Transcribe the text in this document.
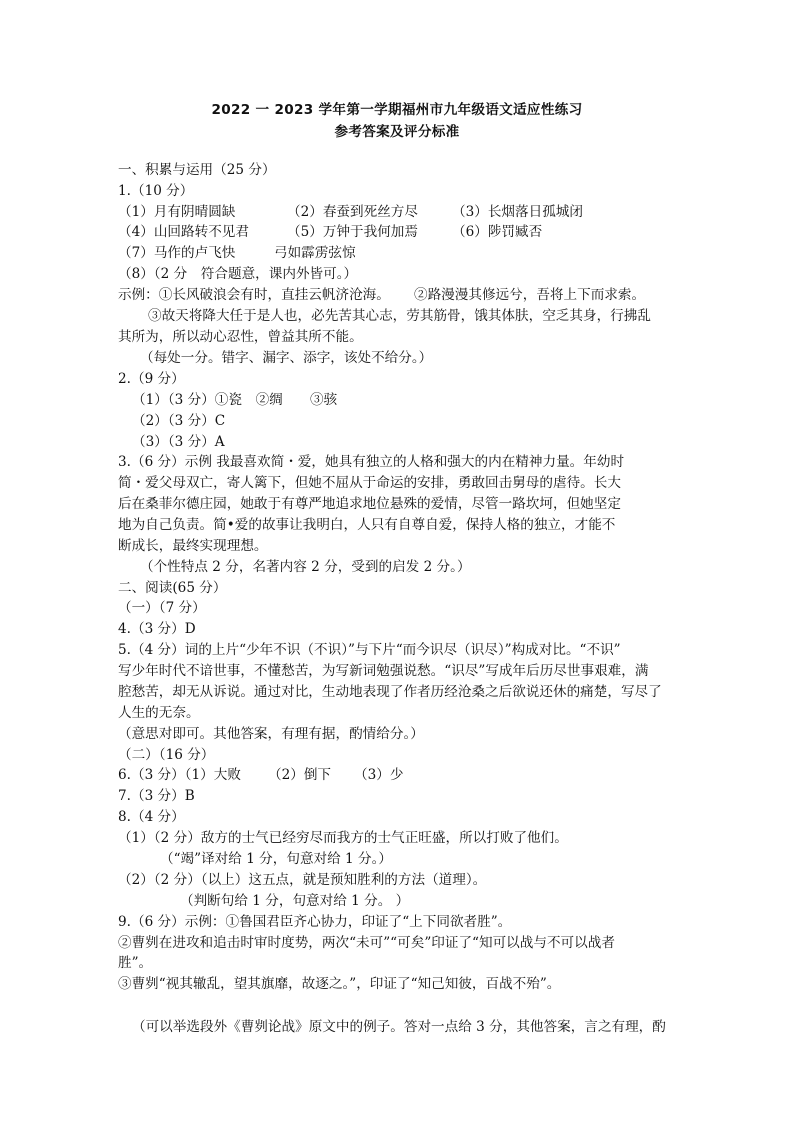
2022 一 2023 学年第一学期福州市九年级语文适应性练习
参考答案及评分标准
一、积累与运用（25 分）
1.（10 分）
（1）月有阴晴圆缺	（2）春蚕到死丝方尽	（3）长烟落日孤城闭
（4）山回路转不见君	（5）万钟于我何加焉	（6）陟罚臧否
（7）马作的卢飞快	弓如霹雳弦惊
（8）（2 分　符合题意，课内外皆可。）
示例：①长风破浪会有时，直挂云帆济沧海。 ②路漫漫其修远兮，吾将上下而求索。
③故天将降大任于是人也，必先苦其心志，劳其筋骨，饿其体肤，空乏其身，行拂乱
其所为，所以动心忍性，曾益其所不能。
（每处一分。错字、漏字、添字，该处不给分。）
2.（9 分）
（1）（3 分）①瓷　②绸　　③骇
（2）（3 分）C
（3）（3 分）A
3.（6 分）示例 我最喜欢简・爱，她具有独立的人格和强大的内在精神力量。年幼时
简・爱父母双亡，寄人篱下，但她不屈从于命运的安排，勇敢回击舅母的虐待。长大
后在桑菲尔德庄园，她敢于有尊严地追求地位悬殊的爱情，尽管一路坎坷，但她坚定
地为自己负责。简•爱的故事让我明白，人只有自尊自爱，保持人格的独立，才能不
断成长，最终实现理想。
（个性特点 2 分，名著内容 2 分，受到的启发 2 分。）
二、阅读(65 分）
（一）（7 分）
4.（3 分）D
5.（4 分）词的上片“少年不识（不识）”与下片“而今识尽（识尽）”构成对比。“不识”
写少年时代不谙世事，不懂愁苦，为写新词勉强说愁。“识尽”写成年后历尽世事艰难，满
腔愁苦，却无从诉说。通过对比，生动地表现了作者历经沧桑之后欲说还休的痛楚，写尽了
人生的无奈。
（意思对即可。其他答案，有理有据，酌情给分。）
（二）（16 分）
6.（3 分）（1）大败 （2）倒下 （3）少
7.（3 分）B
8.（4 分）
（1）（2 分）敌方的士气已经穷尽而我方的士气正旺盛，所以打败了他们。
（“竭”译对给 1 分，句意对给 1 分。）
（2）（2 分）（以上）这五点，就是预知胜利的方法（道理）。
（判断句给 1 分，句意对给 1 分。 ）
9.（6 分）示例：①鲁国君臣齐心协力，印证了“上下同欲者胜”。
②曹刿在进攻和追击时审时度势，两次“未可”“可矣”印证了“知可以战与不可以战者
胜”。
③曹刿“视其辙乱，望其旗靡，故逐之。”，印证了“知己知彼，百战不殆”。
（可以举选段外《曹刿论战》原文中的例子。答对一点给 3 分，其他答案，言之有理，酌
